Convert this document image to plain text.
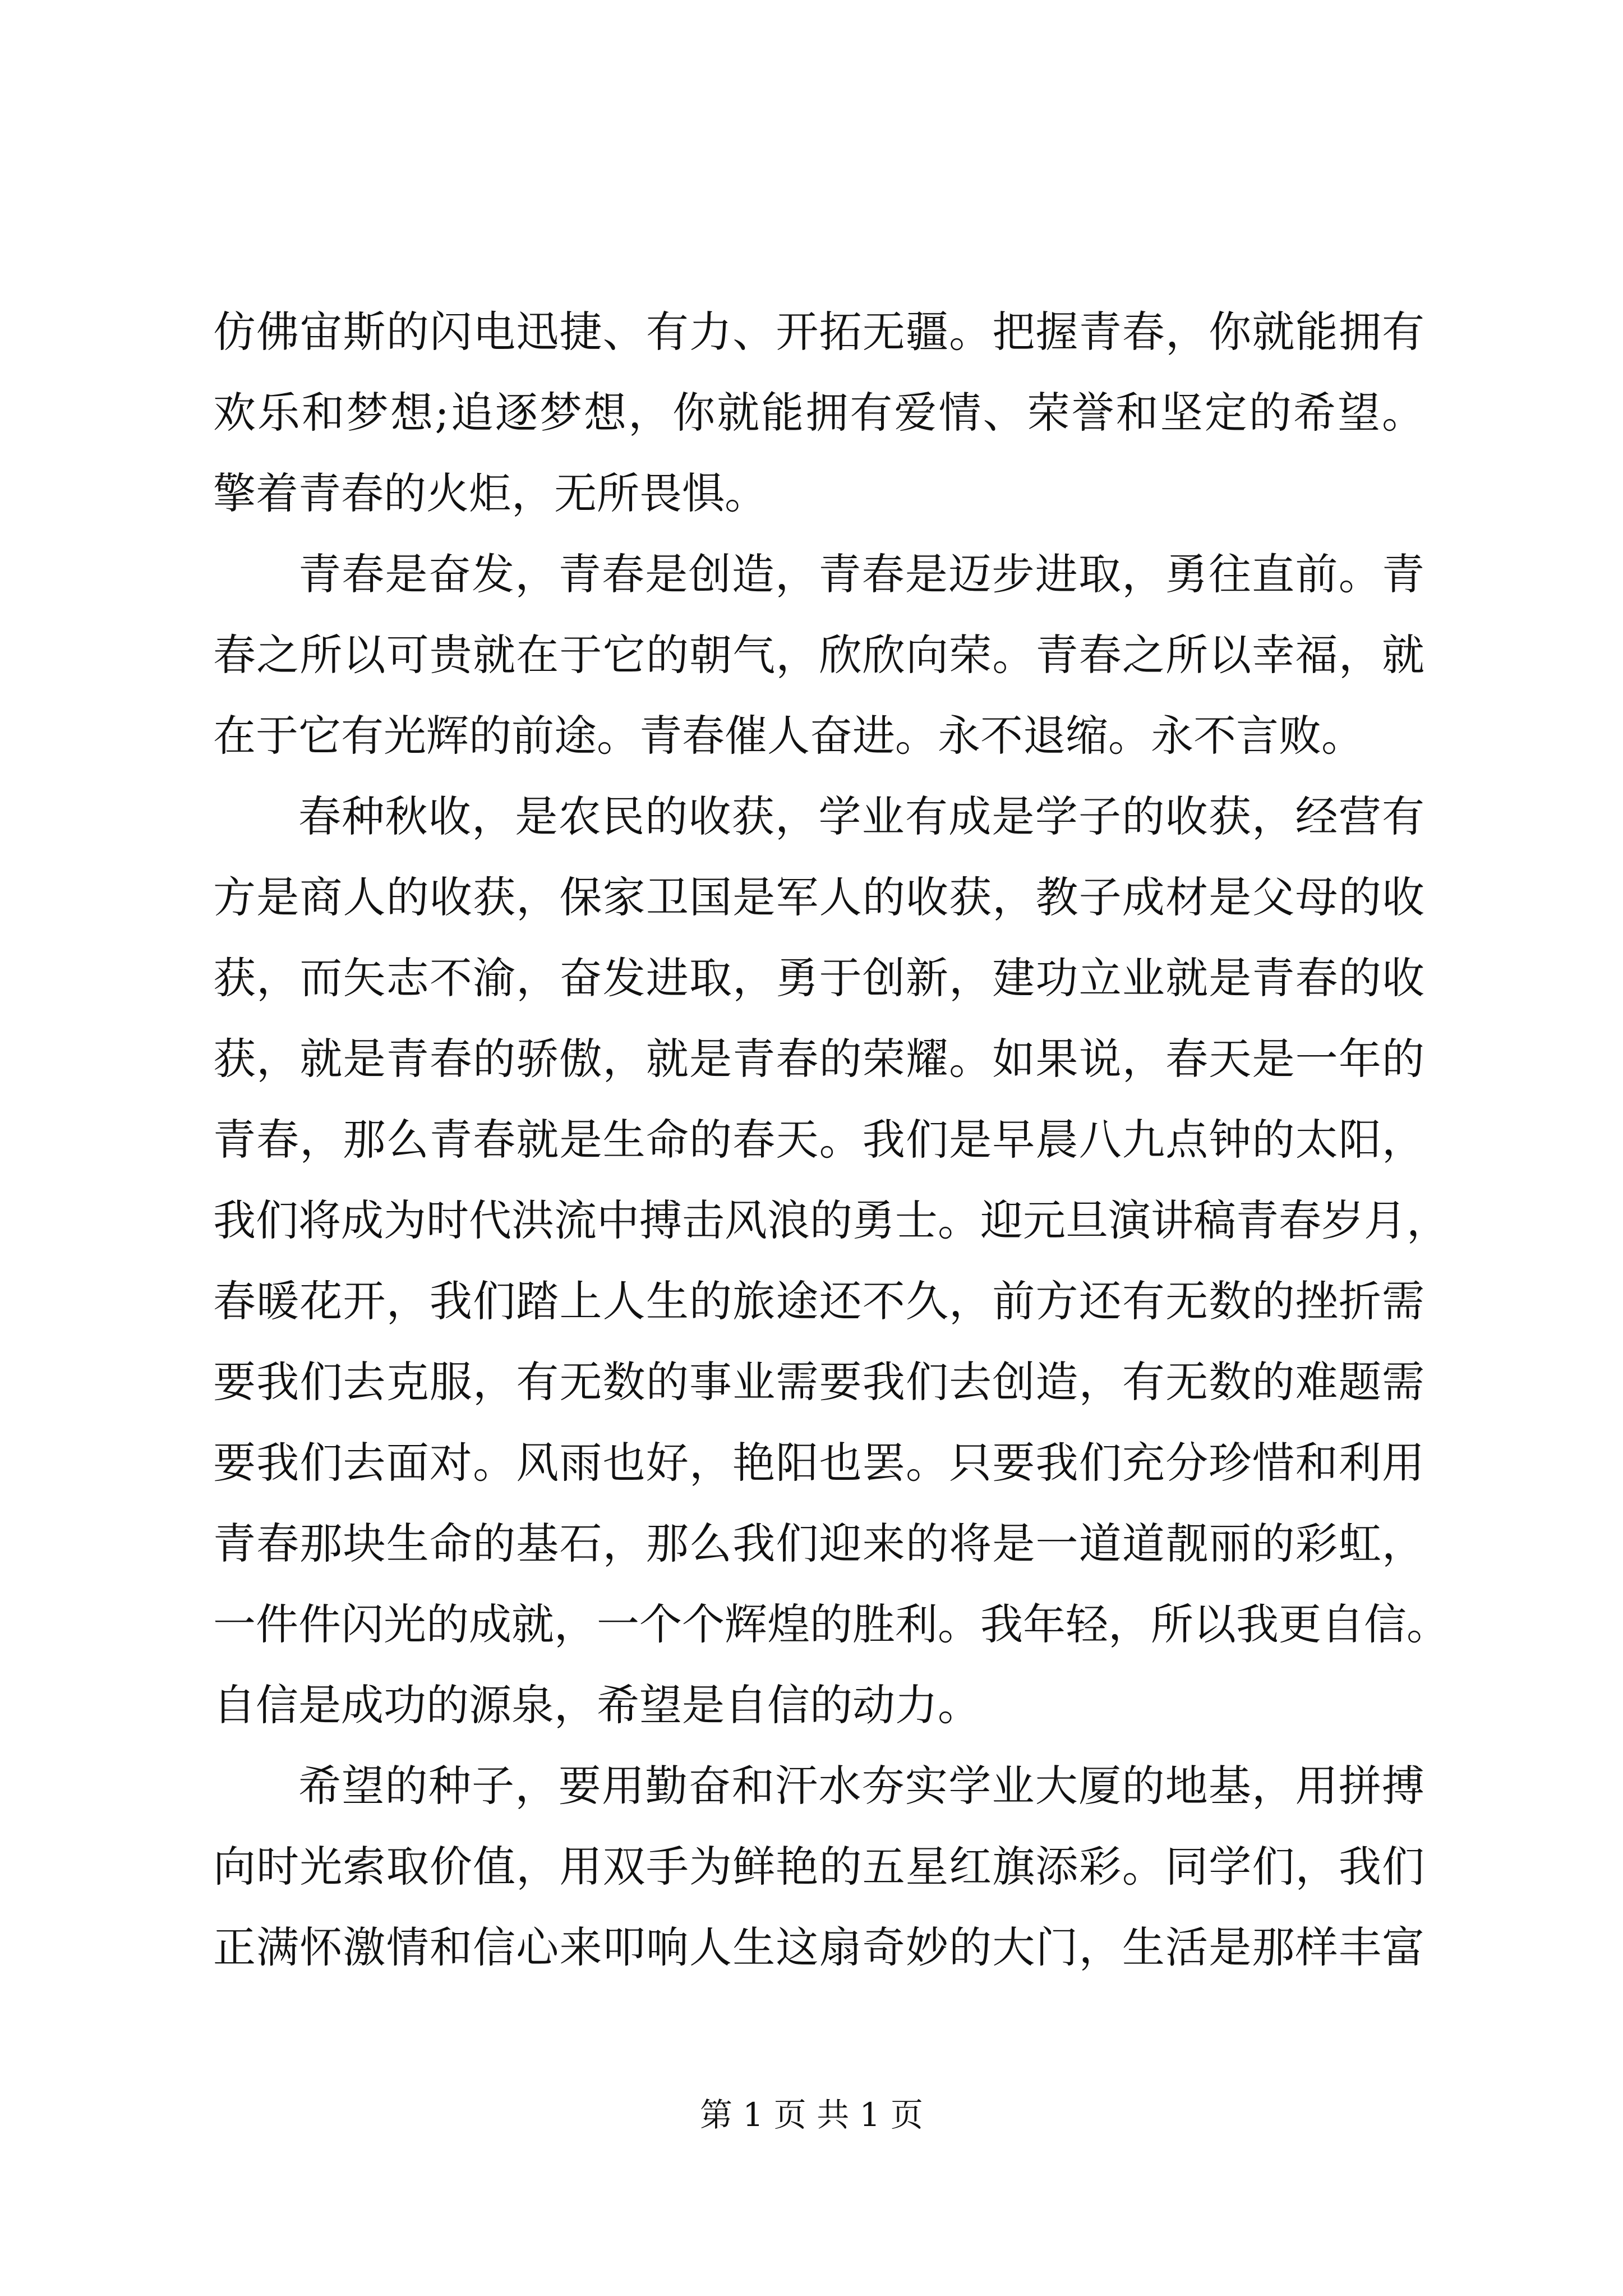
仿佛宙斯的闪电迅捷、有力、开拓无疆。把握青春，你就能拥有
欢乐和梦想;追逐梦想，你就能拥有爱情、荣誉和坚定的希望。
擎着青春的火炬，无所畏惧。
青春是奋发，青春是创造，青春是迈步进取，勇往直前。青
春之所以可贵就在于它的朝气，欣欣向荣。青春之所以幸福，就
在于它有光辉的前途。青春催人奋进。永不退缩。永不言败。
春种秋收，是农民的收获，学业有成是学子的收获，经营有
方是商人的收获，保家卫国是军人的收获，教子成材是父母的收
获，而矢志不渝，奋发进取，勇于创新，建功立业就是青春的收
获，就是青春的骄傲，就是青春的荣耀。如果说，春天是一年的
青春，那么青春就是生命的春天。我们是早晨八九点钟的太阳，
我们将成为时代洪流中搏击风浪的勇士。迎元旦演讲稿青春岁月，
春暖花开，我们踏上人生的旅途还不久，前方还有无数的挫折需
要我们去克服，有无数的事业需要我们去创造，有无数的难题需
要我们去面对。风雨也好，艳阳也罢。只要我们充分珍惜和利用
青春那块生命的基石，那么我们迎来的将是一道道靓丽的彩虹，
一件件闪光的成就，一个个辉煌的胜利。我年轻，所以我更自信。
自信是成功的源泉，希望是自信的动力。
希望的种子，要用勤奋和汗水夯实学业大厦的地基，用拼搏
向时光索取价值，用双手为鲜艳的五星红旗添彩。同学们，我们
正满怀激情和信心来叩响人生这扇奇妙的大门，生活是那样丰富
第 1 页 共 1 页
